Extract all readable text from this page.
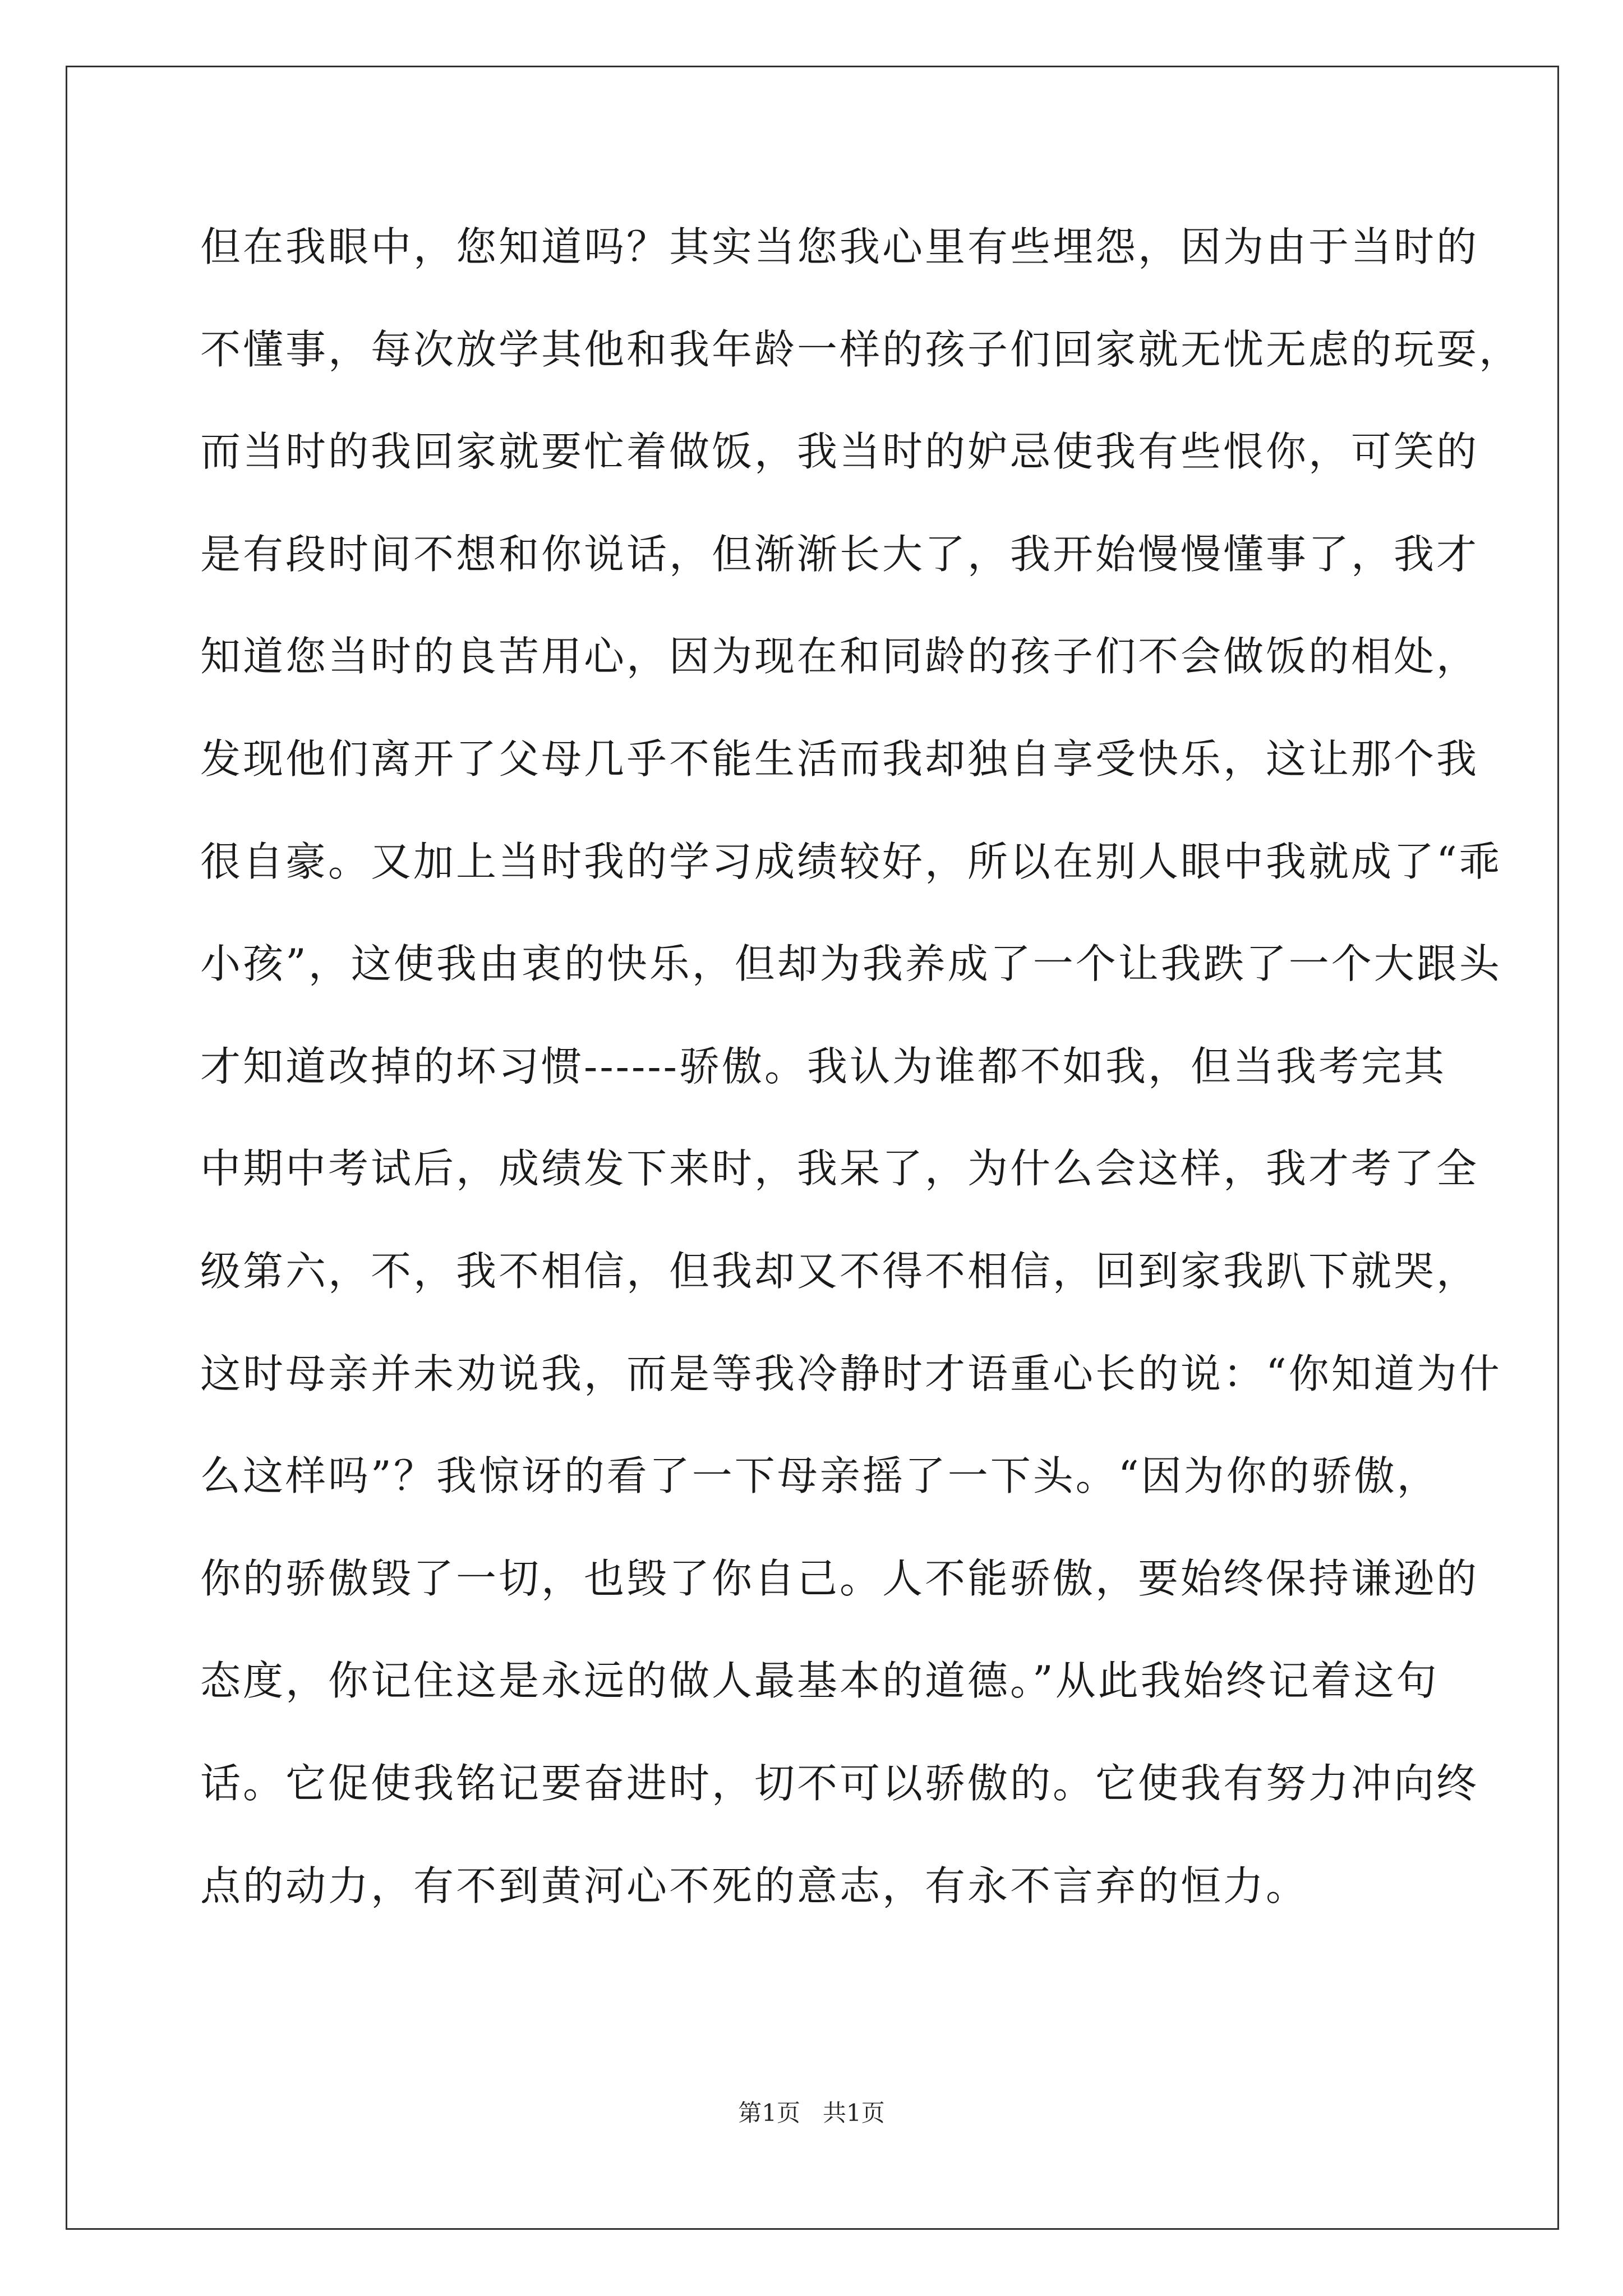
但在我眼中，您知道吗？其实当您我心里有些埋怨，因为由于当时的
不懂事，每次放学其他和我年龄一样的孩子们回家就无忧无虑的玩耍，
而当时的我回家就要忙着做饭，我当时的妒忌使我有些恨你，可笑的
是有段时间不想和你说话，但渐渐长大了，我开始慢慢懂事了，我才
知道您当时的良苦用心，因为现在和同龄的孩子们不会做饭的相处，
发现他们离开了父母几乎不能生活而我却独自享受快乐，这让那个我
很自豪。又加上当时我的学习成绩较好，所以在别人眼中我就成了“乖
小孩”，这使我由衷的快乐，但却为我养成了一个让我跌了一个大跟头
才知道改掉的坏习惯------骄傲。我认为谁都不如我，但当我考完其
中期中考试后，成绩发下来时，我呆了，为什么会这样，我才考了全
级第六，不，我不相信，但我却又不得不相信，回到家我趴下就哭，
这时母亲并未劝说我，而是等我冷静时才语重心长的说：“你知道为什
么这样吗”？我惊讶的看了一下母亲摇了一下头。“因为你的骄傲，
你的骄傲毁了一切，也毁了你自己。人不能骄傲，要始终保持谦逊的
态度，你记住这是永远的做人最基本的道德。”从此我始终记着这句
话。它促使我铭记要奋进时，切不可以骄傲的。它使我有努力冲向终
点的动力，有不到黄河心不死的意志，有永不言弃的恒力。
第1页   共1页
